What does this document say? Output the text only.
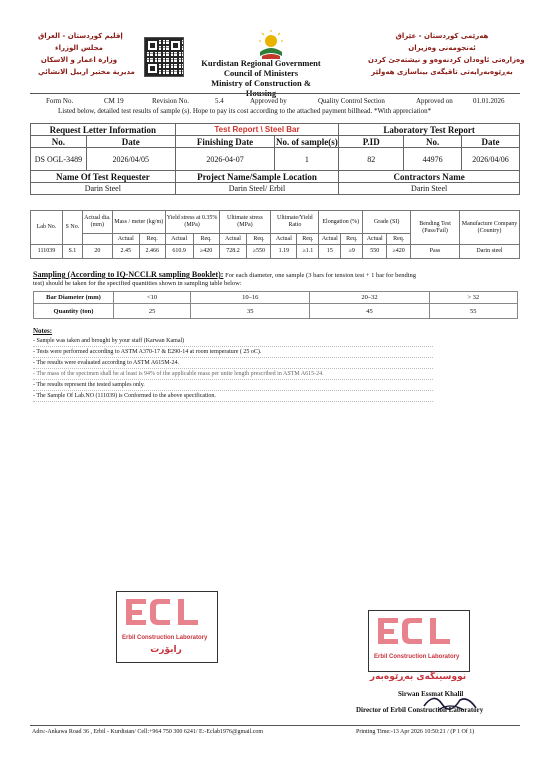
إقليم كوردستان - العراق
مجلس الوزراء
وزارة اعمار و الاسكان
مديرية مختبر اربيل الانشائي
Kurdistan Regional Government
Council of Ministers
Ministry of Construction & Housing
هەرێمی كوردستان - عێراق
ئەنجومەنی وەزیران
وەزارەتی ئاوەدان كردنەوەو و نیشتەجێ كردن
بەڕێوەبەرایەتی تاقیگەی بیناسازی هەولێر
Form No.	CM 19	Revision No.	5.4	Approved by	Quality Control Section	Approved on	01.01.2026
Listed below, detailed test results of sample (s). Hope to pay its cost according to the attached payment billhead. *With appreciation*
Request Letter Information		Test Report \ Steel Bar		Laboratory Test Report		
No.	Date	Finishing Date	No. of sample(s)	P.ID	No.	Date
DS OGL-3489	2026/04/05	2026-04-07	1	82	44976	2026/04/06
Name Of Test Requester		Project Name/Sample Location		Contractors Name		
Darin Steel		Darin Steel/ Erbil		Darin Steel		
Lab No.	S No.	Actual dia.(mm)	Mass / meter (kg/m)		Yield stress at 0.35%(MPa)		Ultimate stress (MPa)		Ultimate/Yield Ratio		Elongation (%)		Grade (SI)		Bending Test (Pass/Fail)	Manufacture Company (Country)
			Actual	Req.	Actual	Req.	Actual	Req.	Actual	Req.	Actual	Req.	Actual	Req.		
111039	S.1	20	2.45	2.466	610.9	≥420	728.2	≥550	1.19	≥1.1	15	≥9	550	≥420	Pass	Darin steel
Sampling (According to IQ-NCCLR sampling Booklet): For each diameter, one sample (3 bars for tension test + 1 bar for bending
test) should be taken for the specified quantities shown in sampling table below:
Bar Diameter (mm)	<10	10–16	20–32	> 32
Quantity (ton)	25	35	45	55
Notes:
- Sample was taken and brought by your staff (Karwan Kamal)
- Tests were performed according to ASTM A370-17 & E290-14 at room temperature ( 25 oC).
- The results were evaluated according to ASTM A615M-24.
- The mass of the specimen shall be at least is 94% of the applicable mass per unite length prescribed in ASTM A615-24.
- The results represent the tested samples only.
- The Sample Of Lab.NO (111039) is Conformed to the above specification.
Erbil Construction Laboratory
رابۆرت
Erbil Construction Laboratory
نووسینگەی بەڕێوەبەر
Sirwan Essmat Khalil
Director of Erbil Construction Laboratory
Adrs:-Ankawa Road 36 , Erbil - Kurdistan/ Cell:+964 750 300 6241/ E:-Eclab1976@gmail.com	Printing Time:-13 Apr 2026 10:50:21 / (P 1 Of 1)
